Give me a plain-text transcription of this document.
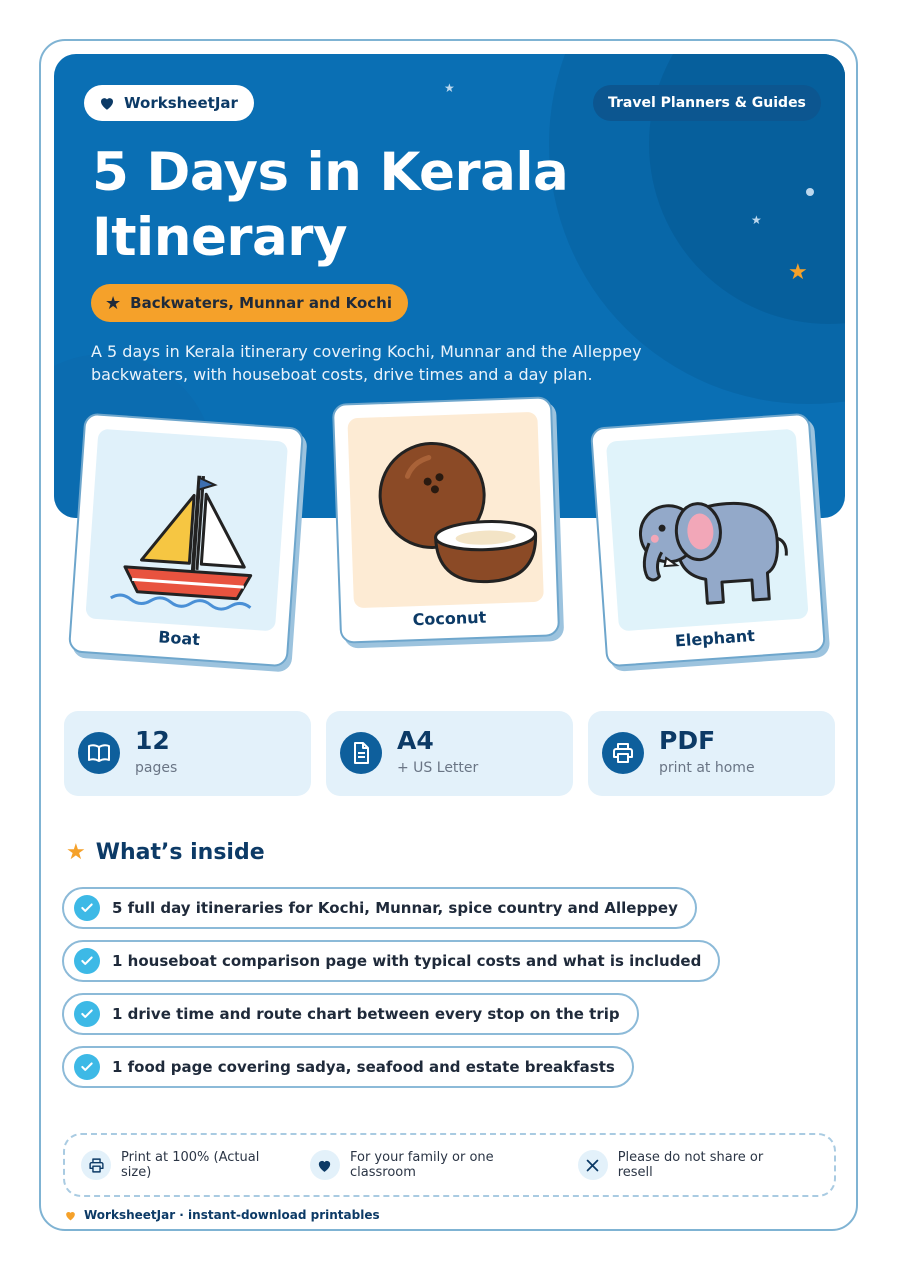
★
★
★
WorksheetJar	Travel Planners & Guides
5 Days in Kerala Itinerary
★ Backwaters, Munnar and Kochi

A 5 days in Kerala itinerary covering Kochi, Munnar and the Alleppey backwaters, with houseboat costs, drive times and a day plan.

Boat
Coconut
Elephant
12
pages
A4
+ US Letter
PDF
print at home
★ What’s inside
5 full day itineraries for Kochi, Munnar, spice country and Alleppey
1 houseboat comparison page with typical costs and what is included
1 drive time and route chart between every stop on the trip
1 food page covering sadya, seafood and estate breakfasts
Print at 100% (Actual size)
For your family or one classroom
Please do not share or resell
WorksheetJar · instant-download printables
